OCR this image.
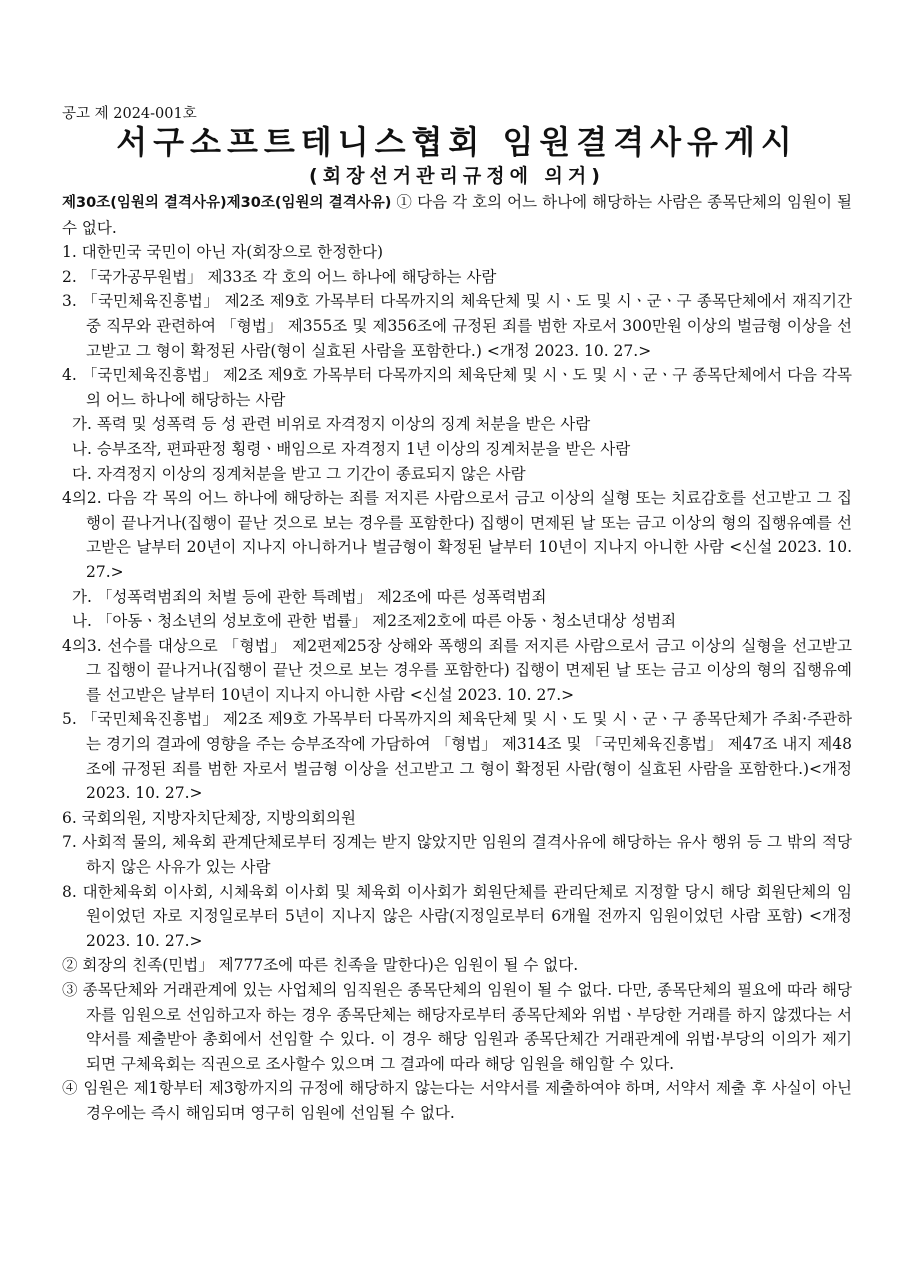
공고 제 2024-001호
서구소프트테니스협회 임원결격사유게시
(회장선거관리규정에 의거)
제30조(임원의 결격사유)제30조(임원의 결격사유) ① 다음 각 호의 어느 하나에 해당하는 사람은 종목단체의 임원이 될 수 없다.
1. 대한민국 국민이 아닌 자(회장으로 한정한다)
2. 「국가공무원법」 제33조 각 호의 어느 하나에 해당하는 사람
3. 「국민체육진흥법」 제2조 제9호 가목부터 다목까지의 체육단체 및 시ㆍ도 및 시ㆍ군ㆍ구 종목단체에서 재직기간 중 직무와 관련하여 「형법」 제355조 및 제356조에 규정된 죄를 범한 자로서 300만원 이상의 벌금형 이상을 선고받고 그 형이 확정된 사람(형이 실효된 사람을 포함한다.) <개정 2023. 10. 27.>
4. 「국민체육진흥법」 제2조 제9호 가목부터 다목까지의 체육단체 및 시ㆍ도 및 시ㆍ군ㆍ구 종목단체에서 다음 각목의 어느 하나에 해당하는 사람
가. 폭력 및 성폭력 등 성 관련 비위로 자격정지 이상의 징계 처분을 받은 사람
나. 승부조작, 편파판정 횡령ㆍ배임으로 자격정지 1년 이상의 징계처분을 받은 사람
다. 자격정지 이상의 징계처분을 받고 그 기간이 종료되지 않은 사람
4의2. 다음 각 목의 어느 하나에 해당하는 죄를 저지른 사람으로서 금고 이상의 실형 또는 치료감호를 선고받고 그 집행이 끝나거나(집행이 끝난 것으로 보는 경우를 포함한다) 집행이 면제된 날 또는 금고 이상의 형의 집행유예를 선고받은 날부터 20년이 지나지 아니하거나 벌금형이 확정된 날부터 10년이 지나지 아니한 사람 <신설 2023. 10. 27.>
가. 「성폭력범죄의 처벌 등에 관한 특례법」 제2조에 따른 성폭력범죄
나. 「아동ㆍ청소년의 성보호에 관한 법률」 제2조제2호에 따른 아동ㆍ청소년대상 성범죄
4의3. 선수를 대상으로 「형법」 제2편제25장 상해와 폭행의 죄를 저지른 사람으로서 금고 이상의 실형을 선고받고 그 집행이 끝나거나(집행이 끝난 것으로 보는 경우를 포함한다) 집행이 면제된 날 또는 금고 이상의 형의 집행유예를 선고받은 날부터 10년이 지나지 아니한 사람 <신설 2023. 10. 27.>
5. 「국민체육진흥법」 제2조 제9호 가목부터 다목까지의 체육단체 및 시ㆍ도 및 시ㆍ군ㆍ구 종목단체가 주최·주관하는 경기의 결과에 영향을 주는 승부조작에 가담하여 「형법」 제314조 및 「국민체육진흥법」 제47조 내지 제48조에 규정된 죄를 범한 자로서 벌금형 이상을 선고받고 그 형이 확정된 사람(형이 실효된 사람을 포함한다.)<개정 2023. 10. 27.>
6. 국회의원, 지방자치단체장, 지방의회의원
7. 사회적 물의, 체육회 관계단체로부터 징계는 받지 않았지만 임원의 결격사유에 해당하는 유사 행위 등 그 밖의 적당하지 않은 사유가 있는 사람
8. 대한체육회 이사회, 시체육회 이사회 및 체육회 이사회가 회원단체를 관리단체로 지정할 당시 해당 회원단체의 임원이었던 자로 지정일로부터 5년이 지나지 않은 사람(지정일로부터 6개월 전까지 임원이었던 사람 포함) <개정 2023. 10. 27.>
② 회장의 친족(민법」 제777조에 따른 친족을 말한다)은 임원이 될 수 없다.
③ 종목단체와 거래관계에 있는 사업체의 임직원은 종목단체의 임원이 될 수 없다. 다만, 종목단체의 필요에 따라 해당자를 임원으로 선임하고자 하는 경우 종목단체는 해당자로부터 종목단체와 위법ㆍ부당한 거래를 하지 않겠다는 서약서를 제출받아 총회에서 선임할 수 있다. 이 경우 해당 임원과 종목단체간 거래관계에 위법·부당의 이의가 제기되면 구체육회는 직권으로 조사할수 있으며 그 결과에 따라 해당 임원을 해임할 수 있다.
④ 임원은 제1항부터 제3항까지의 규정에 해당하지 않는다는 서약서를 제출하여야 하며, 서약서 제출 후 사실이 아닌 경우에는 즉시 해임되며 영구히 임원에 선임될 수 없다.
